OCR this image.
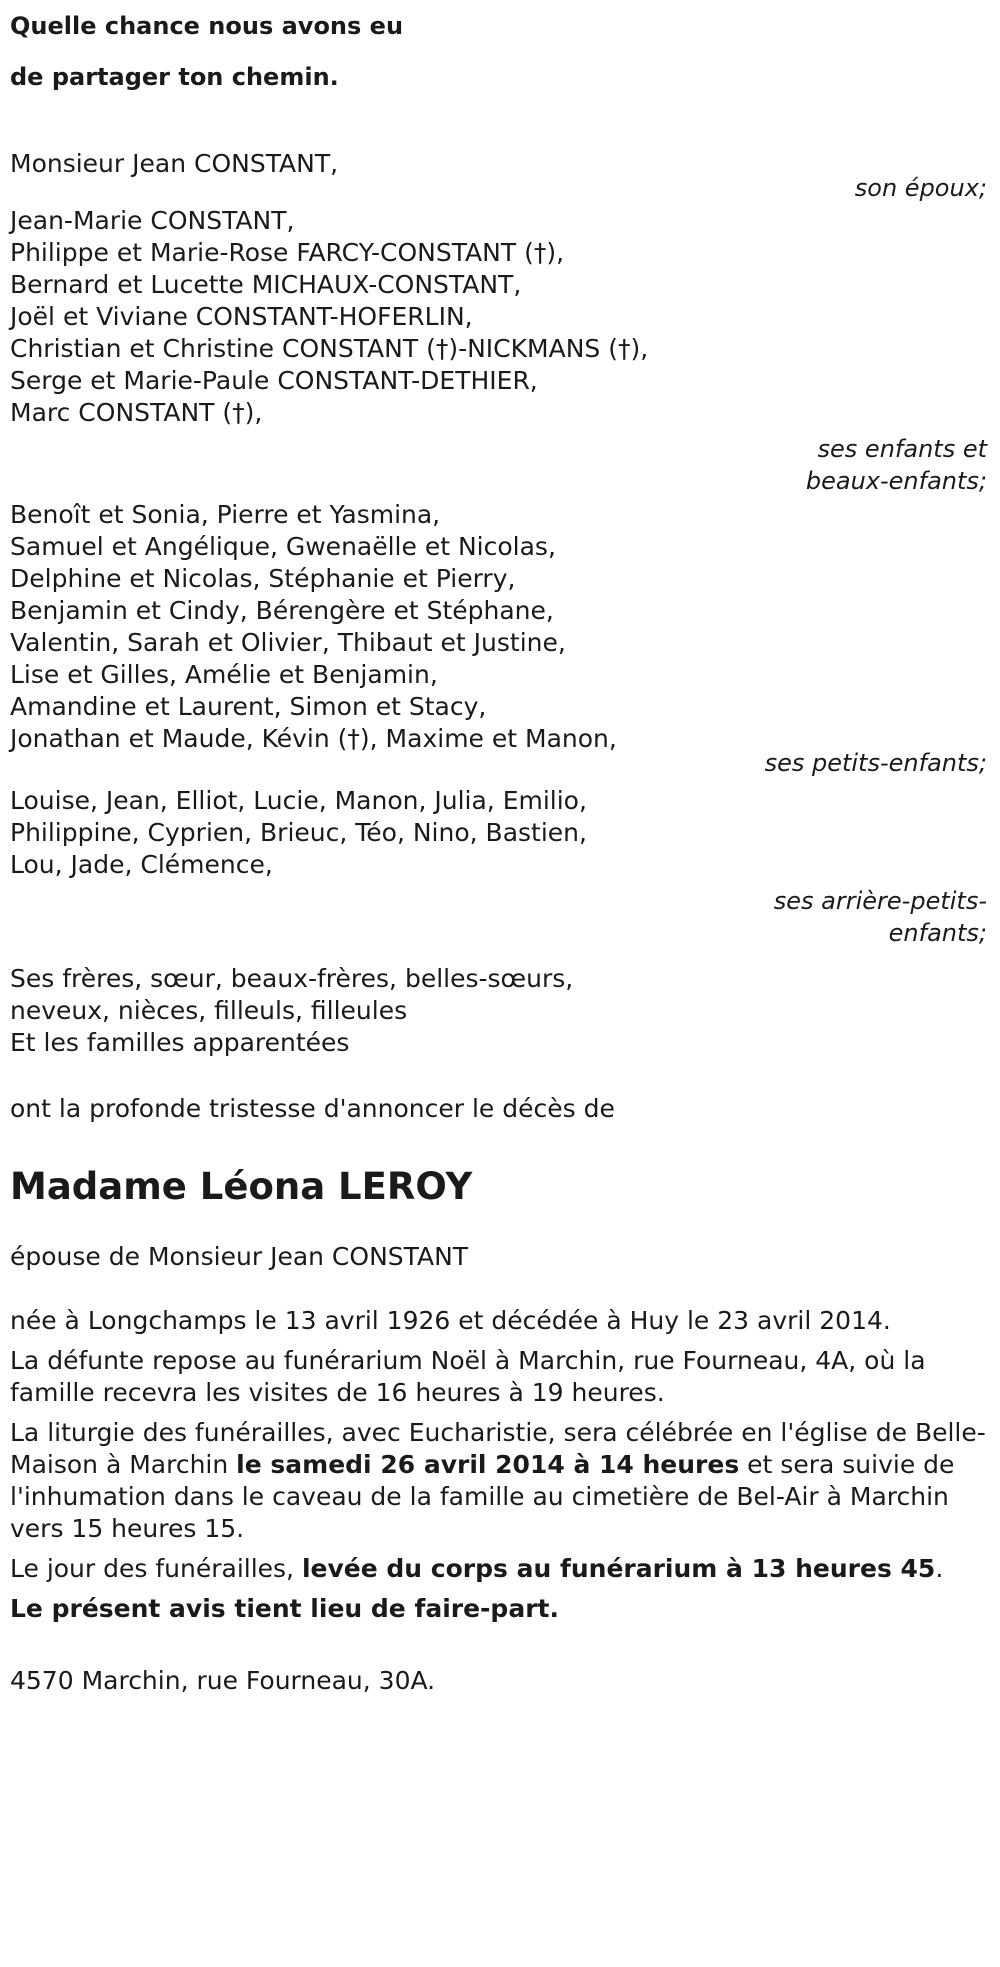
Quelle chance nous avons eu

de partager ton chemin.

Monsieur Jean CONSTANT,

son époux;

Jean-Marie CONSTANT,

Philippe et Marie-Rose FARCY-CONSTANT (†),

Bernard et Lucette MICHAUX-CONSTANT,

Joël et Viviane CONSTANT-HOFERLIN,

Christian et Christine CONSTANT (†)-NICKMANS (†),

Serge et Marie-Paule CONSTANT-DETHIER,

Marc CONSTANT (†),

ses enfants et

beaux-enfants;

Benoît et Sonia, Pierre et Yasmina,

Samuel et Angélique, Gwenaëlle et Nicolas,

Delphine et Nicolas, Stéphanie et Pierry,

Benjamin et Cindy, Bérengère et Stéphane,

Valentin, Sarah et Olivier, Thibaut et Justine,

Lise et Gilles, Amélie et Benjamin,

Amandine et Laurent, Simon et Stacy,

Jonathan et Maude, Kévin (†), Maxime et Manon,

ses petits-enfants;

Louise, Jean, Elliot, Lucie, Manon, Julia, Emilio,

Philippine, Cyprien, Brieuc, Téo, Nino, Bastien,

Lou, Jade, Clémence,

ses arrière-petits-

enfants;

Ses frères, sœur, beaux-frères, belles-sœurs,

neveux, nièces, filleuls, filleules

Et les familles apparentées

ont la profonde tristesse d'annoncer le décès de

Madame Léona LEROY

épouse de Monsieur Jean CONSTANT

née à Longchamps le 13 avril 1926 et décédée à Huy le 23 avril 2014.

La défunte repose au funérarium Noël à Marchin, rue Fourneau, 4A, où la famille recevra les visites de 16 heures à 19 heures.

La liturgie des funérailles, avec Eucharistie, sera célébrée en l'église de Belle-Maison à Marchin le samedi 26 avril 2014 à 14 heures et sera suivie de l'inhumation dans le caveau de la famille au cimetière de Bel-Air à Marchin vers 15 heures 15.

Le jour des funérailles, levée du corps au funérarium à 13 heures 45.

Le présent avis tient lieu de faire-part.

4570 Marchin, rue Fourneau, 30A.
